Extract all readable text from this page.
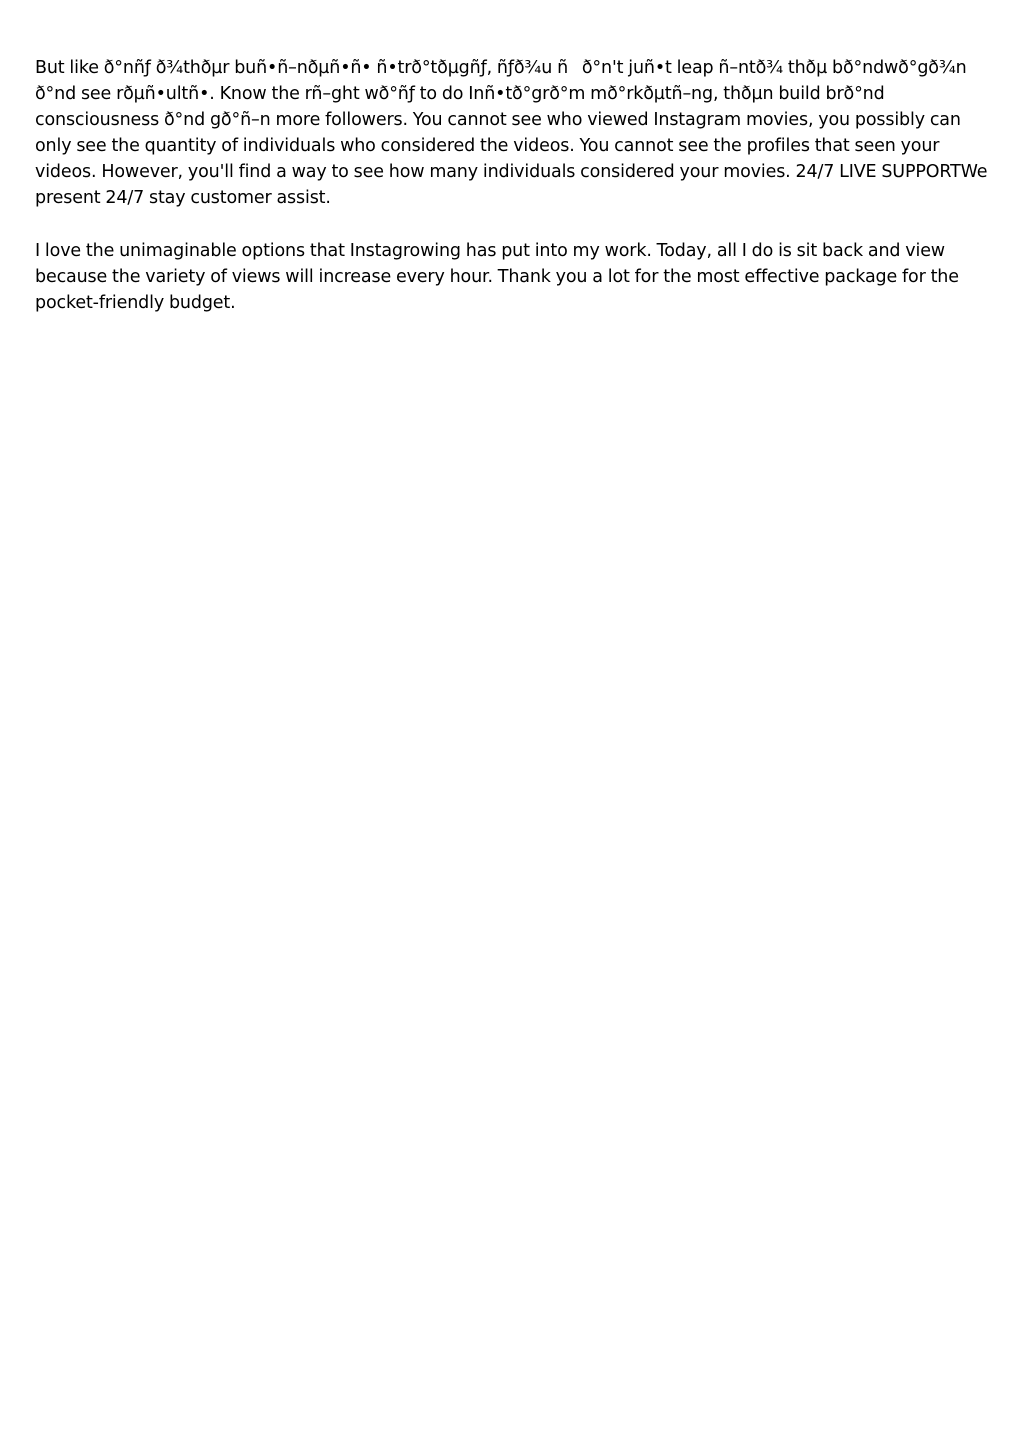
But like ð°nñƒ ð¾thðµr buñ•ñ–nðµñ•ñ• ñ•trð°tðµgñƒ, ñƒð¾u ñð°n't juñ•t leap ñ–ntð¾ thðµ bð°ndwð°gð¾n ð°nd see rðµñ•ultñ•. Know the rñ–ght wð°ñƒ to do Inñ•tð°grð°m mð°rkðµtñ–ng, thðµn build brð°nd consciousness ð°nd gð°ñ–n more followers. You cannot see who viewed Instagram movies, you possibly can only see the quantity of individuals who considered the videos. You cannot see the profiles that seen your videos. However, you'll find a way to see how many individuals considered your movies. 24/7 LIVE SUPPORTWe present 24/7 stay customer assist.

I love the unimaginable options that Instagrowing has put into my work. Today, all I do is sit back and view because the variety of views will increase every hour. Thank you a lot for the most effective package for the pocket-friendly budget.
